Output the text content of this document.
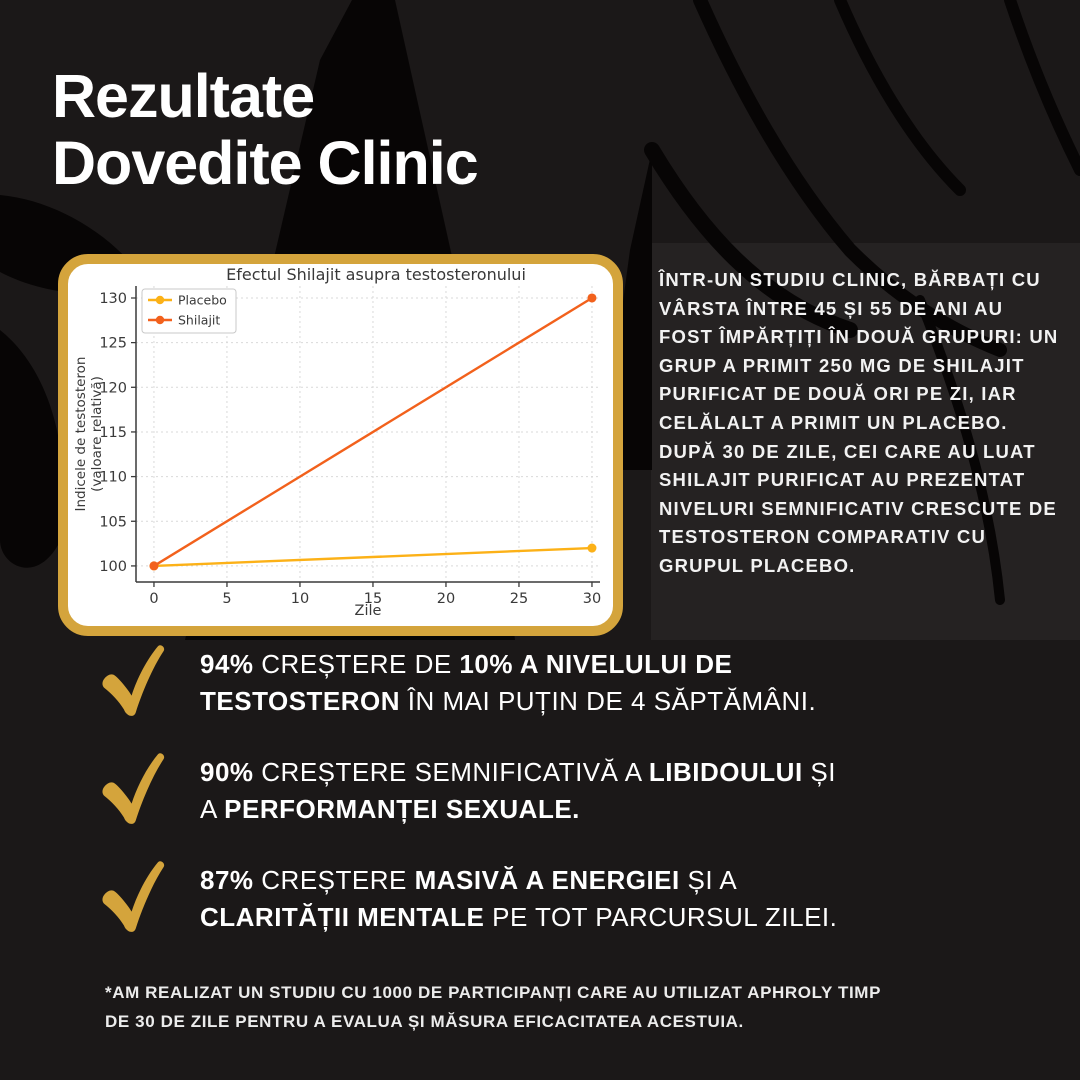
Rezultate
Dovedite Clinic
0	5	10	15	20	25	30
100
105
110
115
120
125
130
Efectul Shilajit asupra testosteronului
Zile
Indicele de testosteron(valoare relativă)
Placebo
Shilajit

ÎNTR-UN STUDIU CLINIC, BĂRBAȚI CU VÂRSTA ÎNTRE 45 ȘI 55 DE ANI AU FOST ÎMPĂRȚIȚI ÎN DOUĂ GRUPURI: UN GRUP A PRIMIT 250 MG DE SHILAJIT PURIFICAT DE DOUĂ ORI PE ZI, IAR CELĂLALT A PRIMIT UN PLACEBO. DUPĂ 30 DE ZILE, CEI CARE AU LUAT SHILAJIT PURIFICAT AU PREZENTAT NIVELURI SEMNIFICATIV CRESCUTE DE TESTOSTERON COMPARATIV CU GRUPUL PLACEBO.

94% CREȘTERE DE 10% A NIVELULUI DE TESTOSTERON ÎN MAI PUȚIN DE 4 SĂPTĂMÂNI.

90% CREȘTERE SEMNIFICATIVĂ A LIBIDOULUI ȘI A PERFORMANȚEI SEXUALE.

87% CREȘTERE MASIVĂ A ENERGIEI ȘI A CLARITĂȚII MENTALE PE TOT PARCURSUL ZILEI.

*AM REALIZAT UN STUDIU CU 1000 DE PARTICIPANȚI CARE AU UTILIZAT APHROLY TIMP DE 30 DE ZILE PENTRU A EVALUA ȘI MĂSURA EFICACITATEA ACESTUIA.
